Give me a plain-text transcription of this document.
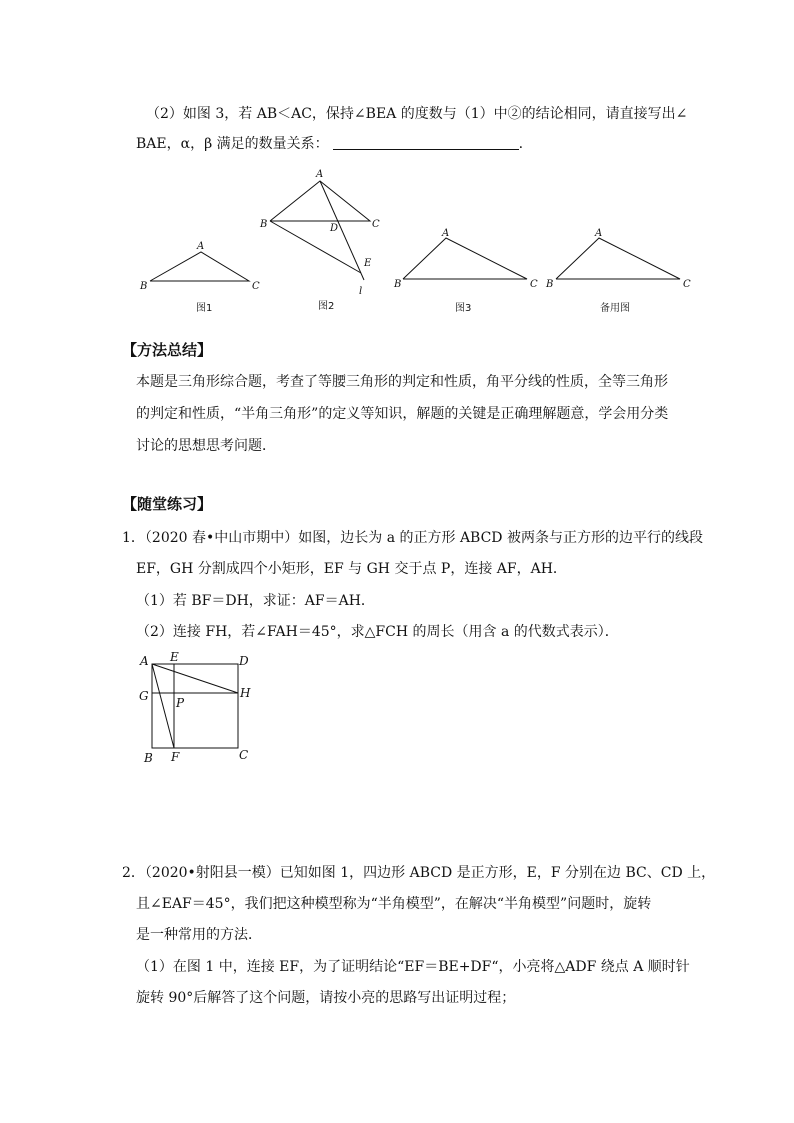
（2）如图 3，若 AB＜AC，保持∠BEA 的度数与（1）中②的结论相同，请直接写出∠
BAE，α，β 满足的数量关系：	.
A
B	C
图1
A
B	C
D
E
l
图2
A
B	C
图3
A
B	C
备用图
【方法总结】
本题是三角形综合题，考查了等腰三角形的判定和性质，角平分线的性质，全等三角形
的判定和性质，“半角三角形”的定义等知识，解题的关键是正确理解题意，学会用分类
讨论的思想思考问题．
【随堂练习】
1．（2020 春•中山市期中）如图，边长为 a 的正方形 ABCD 被两条与正方形的边平行的线段
EF，GH 分割成四个小矩形，EF 与 GH 交于点 P，连接 AF，AH．
（1）若 BF＝DH，求证：AF＝AH．
（2）连接 FH，若∠FAH＝45°，求△FCH 的周长（用含 a 的代数式表示）．
A E	D
G P
H
B F	C
2．（2020•射阳县一模）已知如图 1，四边形 ABCD 是正方形，E，F 分别在边 BC、CD 上，
且∠EAF＝45°，我们把这种模型称为“半角模型”，在解决“半角模型”问题时，旋转
是一种常用的方法．
（1）在图 1 中，连接 EF，为了证明结论“EF＝BE+DF“，小亮将△ADF 绕点 A 顺时针
旋转 90°后解答了这个问题，请按小亮的思路写出证明过程；
